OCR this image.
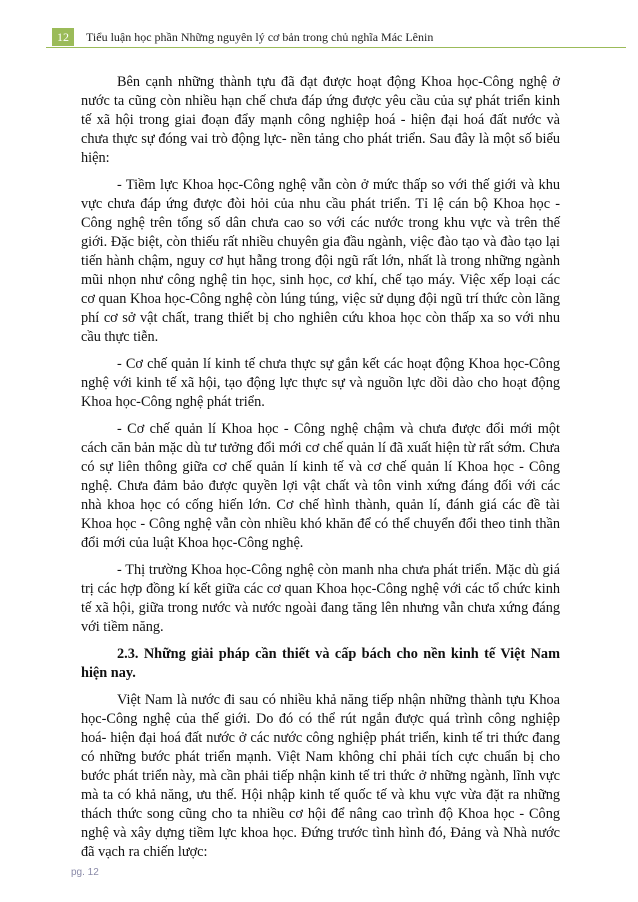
12	Tiểu luận học phần Những nguyên lý cơ bản trong chủ nghĩa Mác Lênin

Bên cạnh những thành tựu đã đạt được hoạt động Khoa học-Công nghệ ở nước ta cũng còn nhiều hạn chế chưa đáp ứng được yêu cầu của sự phát triển kinh tế xã hội trong giai đoạn đẩy mạnh công nghiệp hoá - hiện đại hoá đất nước và chưa thực sự đóng vai trò động lực- nền tảng cho phát triển. Sau đây là một số biểu hiện:

- Tiềm lực Khoa học-Công nghệ vẫn còn ở mức thấp so với thế giới và khu vực chưa đáp ứng được đòi hỏi của nhu cầu phát triển. Tỉ lệ cán bộ Khoa học - Công nghệ trên tổng số dân chưa cao so với các nước trong khu vực và trên thế giới. Đặc biệt, còn thiếu rất nhiều chuyên gia đầu ngành, việc đào tạo và đào tạo lại tiến hành chậm, nguy cơ hụt hẫng trong đội ngũ rất lớn, nhất là trong những ngành mũi nhọn như công nghệ tin học, sinh học, cơ khí, chế tạo máy. Việc xếp loại các cơ quan Khoa học-Công nghệ còn lúng túng, việc sử dụng đội ngũ trí thức còn lãng phí cơ sở vật chất, trang thiết bị cho nghiên cứu khoa học còn thấp xa so với nhu cầu thực tiễn.

- Cơ chế quản lí kinh tế chưa thực sự gắn kết các hoạt động Khoa học-Công nghệ với kinh tế xã hội, tạo động lực thực sự và nguồn lực dồi dào cho hoạt động Khoa học-Công nghệ phát triển.

- Cơ chế quản lí Khoa học - Công nghệ chậm và chưa được đổi mới một cách căn bản mặc dù tư tưởng đổi mới cơ chế quản lí đã xuất hiện từ rất sớm. Chưa có sự liên thông giữa cơ chế quản lí kinh tế và cơ chế quản lí Khoa học - Công nghệ. Chưa đảm bảo được quyền lợi vật chất và tôn vinh xứng đáng đối với các nhà khoa học có cống hiến lớn. Cơ chế hình thành, quản lí, đánh giá các đề tài Khoa học - Công nghệ vẫn còn nhiều khó khăn để có thể chuyển đổi theo tinh thần đổi mới của luật Khoa học-Công nghệ.

- Thị trường Khoa học-Công nghệ còn manh nha chưa phát triển. Mặc dù giá trị các hợp đồng kí kết giữa các cơ quan Khoa học-Công nghệ với các tổ chức kinh tế xã hội, giữa trong nước và nước ngoài đang tăng lên nhưng vẫn chưa xứng đáng với tiềm năng.

2.3. Những giải pháp cần thiết và cấp bách cho nền kinh tế Việt Nam hiện nay.

Việt Nam là nước đi sau có nhiều khả năng tiếp nhận những thành tựu Khoa học-Công nghệ của thế giới. Do đó có thể rút ngắn được quá trình công nghiệp hoá- hiện đại hoá đất nước ở các nước công nghiệp phát triển, kinh tế tri thức đang có những bước phát triển mạnh. Việt Nam không chỉ phải tích cực chuẩn bị cho bước phát triển này, mà cần phải tiếp nhận kinh tế tri thức ở những ngành, lĩnh vực mà ta có khả năng, ưu thế. Hội nhập kinh tế quốc tế và khu vực vừa đặt ra những thách thức song cũng cho ta nhiều cơ hội để nâng cao trình độ Khoa học - Công nghệ và xây dựng tiềm lực khoa học. Đứng trước tình hình đó, Đảng và Nhà nước đã vạch ra chiến lược:

pg. 12
